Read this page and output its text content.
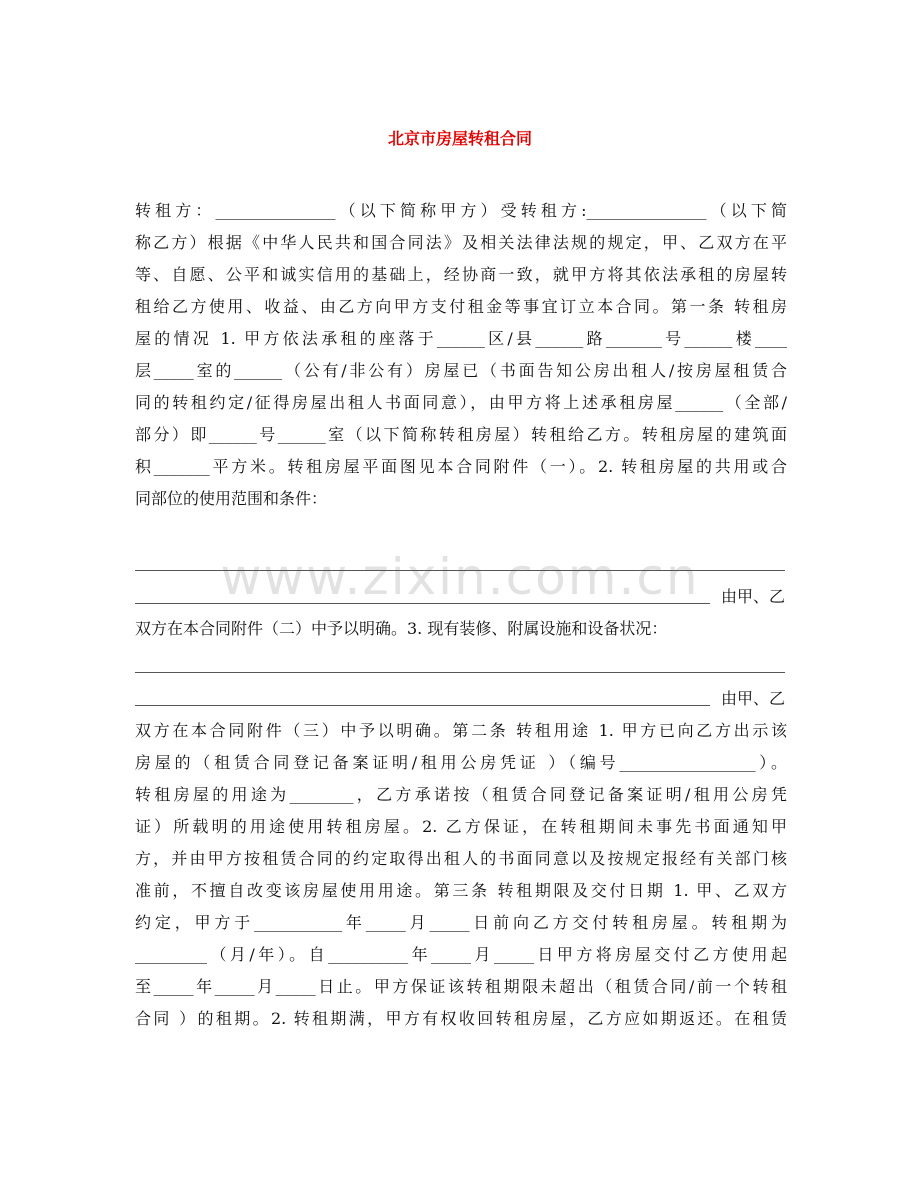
北京市房屋转租合同
www.zixin.com.cn
转租方：_______________（以下简称甲方）受转租方:_______________（以下简
称乙方）根据《中华人民共和国合同法》及相关法律法规的规定，甲、乙双方在平
等、自愿、公平和诚实信用的基础上，经协商一致，就甲方将其依法承租的房屋转
租给乙方使用、收益、由乙方向甲方支付租金等事宜订立本合同。第一条 转租房
屋的情况 1. 甲方依法承租的座落于______区/县______路_______号______楼____
层_____室的______（公有/非公有）房屋已（书面告知公房出租人/按房屋租赁合
同的转租约定/征得房屋出租人书面同意），由甲方将上述承租房屋______（全部/
部分）即______号______室（以下简称转租房屋）转租给乙方。转租房屋的建筑面
积_______平方米。转租房屋平面图见本合同附件（一）。2. 转租房屋的共用或合
同部位的使用范围和条件：
由甲、乙
双方在本合同附件（二）中予以明确。3. 现有装修、附属设施和设备状况：
由甲、乙
双方在本合同附件（三）中予以明确。第二条 转租用途 1. 甲方已向乙方出示该
房屋的（租赁合同登记备案证明/租用公房凭证 ）（编号_________________）。
转租房屋的用途为________，乙方承诺按（租赁合同登记备案证明/租用公房凭
证）所载明的用途使用转租房屋。2. 乙方保证，在转租期间未事先书面通知甲
方，并由甲方按租赁合同的约定取得出租人的书面同意以及按规定报经有关部门核
准前，不擅自改变该房屋使用用途。第三条 转租期限及交付日期 1. 甲、乙双方
约定，甲方于___________年_____月_____日前向乙方交付转租房屋。转租期为
_________（月/年）。自__________年_____月_____日甲方将房屋交付乙方使用起
至_____年_____月_____日止。甲方保证该转租期限未超出（租赁合同/前一个转租
合同 ）的租期。2. 转租期满，甲方有权收回转租房屋，乙方应如期返还。在租赁
